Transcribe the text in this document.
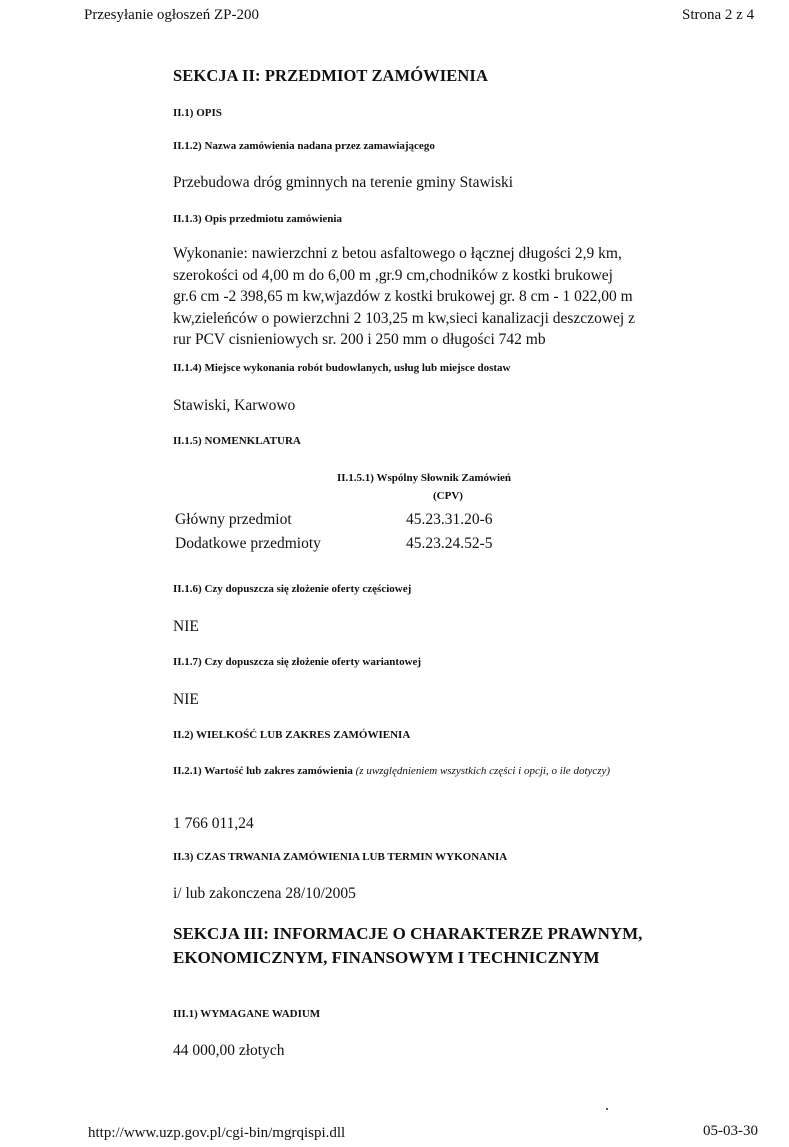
Przesyłanie ogłoszeń ZP-200	Strona 2 z 4
SEKCJA II: PRZEDMIOT ZAMÓWIENIA
II.1) OPIS
II.1.2) Nazwa zamówienia nadana przez zamawiającego
Przebudowa dróg gminnych na terenie gminy Stawiski
II.1.3) Opis przedmiotu zamówienia
Wykonanie: nawierzchni z betou asfaltowego o łącznej długości 2,9 km,
szerokości od 4,00 m do 6,00 m ,gr.9 cm,chodników z kostki brukowej
gr.6 cm -2 398,65 m kw,wjazdów z kostki brukowej gr. 8 cm - 1 022,00 m
kw,zieleńców o powierzchni 2 103,25 m kw,sieci kanalizacji deszczowej z
rur PCV cisnieniowych sr. 200 i 250 mm o długości 742 mb
II.1.4) Miejsce wykonania robót budowlanych, usług lub miejsce dostaw
Stawiski, Karwowo
II.1.5) NOMENKLATURA
II.1.5.1) Wspólny Słownik Zamówień
(CPV)
Główny przedmiot	45.23.31.20-6
Dodatkowe przedmioty	45.23.24.52-5
II.1.6) Czy dopuszcza się złożenie oferty częściowej
NIE
II.1.7) Czy dopuszcza się złożenie oferty wariantowej
NIE
II.2) WIELKOŚĆ LUB ZAKRES ZAMÓWIENIA
II.2.1) Wartość lub zakres zamówienia (z uwzględnieniem wszystkich części i opcji, o ile dotyczy)
1 766 011,24
II.3) CZAS TRWANIA ZAMÓWIENIA LUB TERMIN WYKONANIA
i/ lub zakonczena 28/10/2005
SEKCJA III: INFORMACJE O CHARAKTERZE PRAWNYM, EKONOMICZNYM, FINANSOWYM I TECHNICZNYM
III.1) WYMAGANE WADIUM
44 000,00 złotych
http://www.uzp.gov.pl/cgi-bin/mgrqispi.dll	05-03-30
